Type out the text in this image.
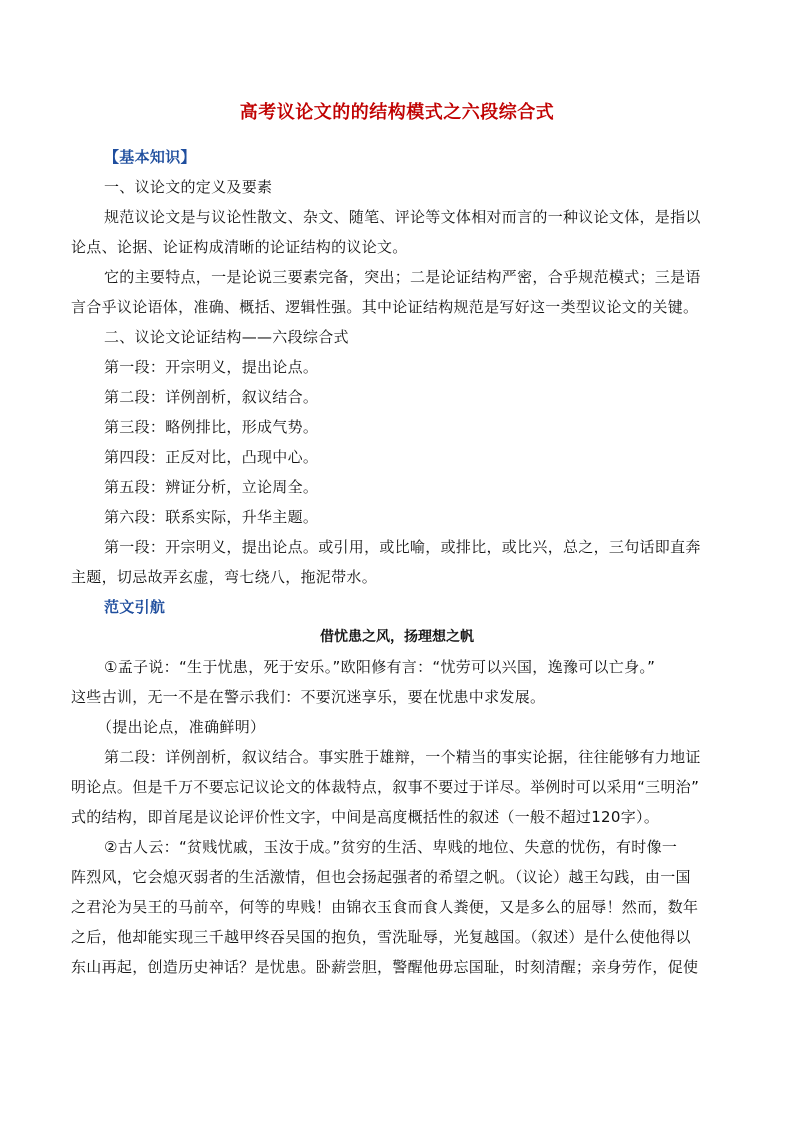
高考议论文的的结构模式之六段综合式

【基本知识】

一、议论文的定义及要素

规范议论文是与议论性散文、杂文、随笔、评论等文体相对而言的一种议论文体，是指以

论点、论据、论证构成清晰的论证结构的议论文。

它的主要特点，一是论说三要素完备，突出；二是论证结构严密，合乎规范模式；三是语

言合乎议论语体，准确、概括、逻辑性强。其中论证结构规范是写好这一类型议论文的关键。

二、议论文论证结构——六段综合式

第一段：开宗明义，提出论点。

第二段：详例剖析，叙议结合。

第三段：略例排比，形成气势。

第四段：正反对比，凸现中心。

第五段：辨证分析，立论周全。

第六段：联系实际，升华主题。

第一段：开宗明义，提出论点。或引用，或比喻，或排比，或比兴，总之，三句话即直奔

主题，切忌故弄玄虚，弯七绕八，拖泥带水。

范文引航

借忧患之风，扬理想之帆

①孟子说：“生于忧患，死于安乐。”欧阳修有言：“忧劳可以兴国，逸豫可以亡身。”

这些古训，无一不是在警示我们：不要沉迷享乐，要在忧患中求发展。

（提出论点，准确鲜明）

第二段：详例剖析，叙议结合。事实胜于雄辩，一个精当的事实论据，往往能够有力地证

明论点。但是千万不要忘记议论文的体裁特点，叙事不要过于详尽。举例时可以采用“三明治”

式的结构，即首尾是议论评价性文字，中间是高度概括性的叙述（一般不超过120字）。

②古人云：“贫贱忧戚，玉汝于成。”贫穷的生活、卑贱的地位、失意的忧伤，有时像一

阵烈风，它会熄灭弱者的生活激情，但也会扬起强者的希望之帆。（议论）越王勾践，由一国

之君沦为吴王的马前卒，何等的卑贱！由锦衣玉食而食人粪便，又是多么的屈辱！然而，数年

之后，他却能实现三千越甲终吞吴国的抱负，雪洗耻辱，光复越国。（叙述）是什么使他得以

东山再起，创造历史神话？是忧患。卧薪尝胆，警醒他毋忘国耻，时刻清醒；亲身劳作，促使
